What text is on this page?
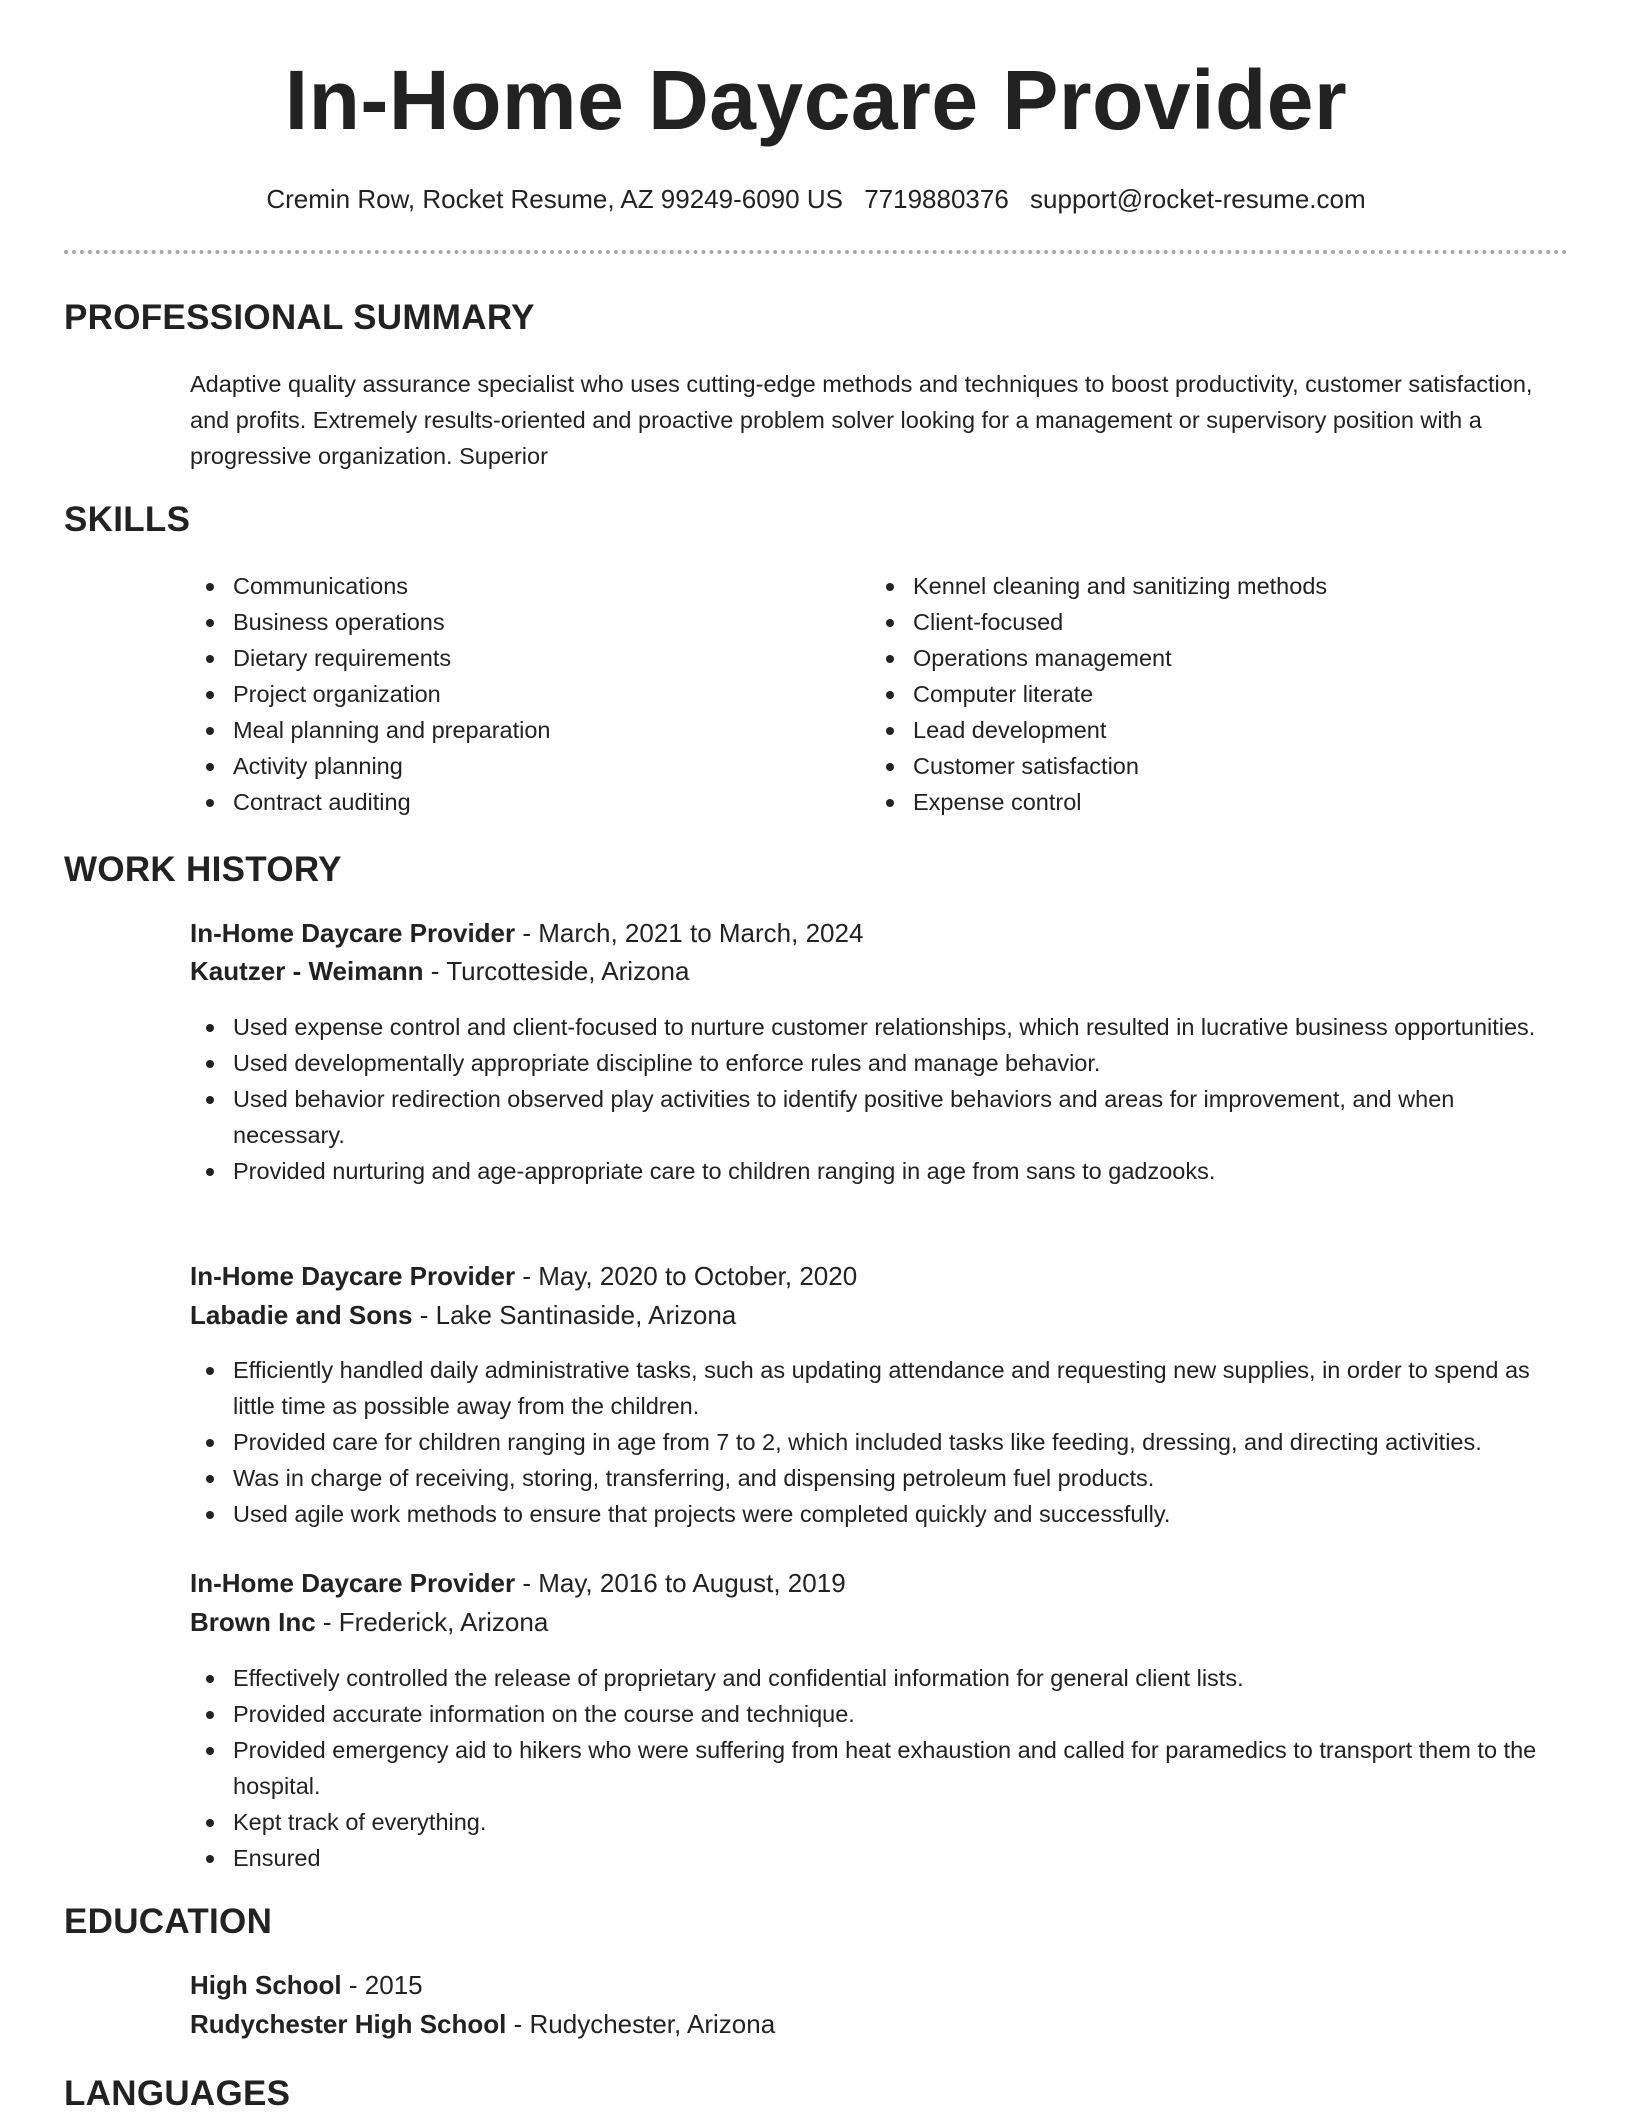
In-Home Daycare Provider
Cremin Row, Rocket Resume, AZ 99249-6090 US 7719880376 support@rocket-resume.com
PROFESSIONAL SUMMARY
Adaptive quality assurance specialist who uses cutting-edge methods and techniques to boost productivity, customer satisfaction, and profits. Extremely results-oriented and proactive problem solver looking for a management or supervisory position with a progressive organization. Superior
SKILLS
Communications
Business operations
Dietary requirements
Project organization
Meal planning and preparation
Activity planning
Contract auditing
Kennel cleaning and sanitizing methods
Client-focused
Operations management
Computer literate
Lead development
Customer satisfaction
Expense control
WORK HISTORY
In-Home Daycare Provider - March, 2021 to March, 2024
Kautzer - Weimann - Turcotteside, Arizona
Used expense control and client-focused to nurture customer relationships, which resulted in lucrative business opportunities.
Used developmentally appropriate discipline to enforce rules and manage behavior.
Used behavior redirection observed play activities to identify positive behaviors and areas for improvement, and when necessary.
Provided nurturing and age-appropriate care to children ranging in age from sans to gadzooks.
In-Home Daycare Provider - May, 2020 to October, 2020
Labadie and Sons - Lake Santinaside, Arizona
Efficiently handled daily administrative tasks, such as updating attendance and requesting new supplies, in order to spend as little time as possible away from the children.
Provided care for children ranging in age from 7 to 2, which included tasks like feeding, dressing, and directing activities.
Was in charge of receiving, storing, transferring, and dispensing petroleum fuel products.
Used agile work methods to ensure that projects were completed quickly and successfully.
In-Home Daycare Provider - May, 2016 to August, 2019
Brown Inc - Frederick, Arizona
Effectively controlled the release of proprietary and confidential information for general client lists.
Provided accurate information on the course and technique.
Provided emergency aid to hikers who were suffering from heat exhaustion and called for paramedics to transport them to the hospital.
Kept track of everything.
Ensured
EDUCATION
High School - 2015
Rudychester High School - Rudychester, Arizona
LANGUAGES
